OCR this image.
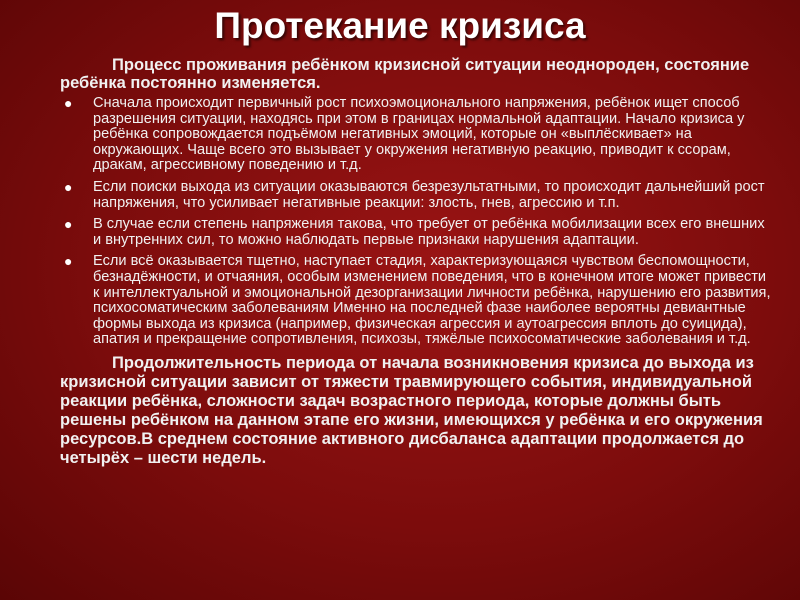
Протекание кризиса

Процесс проживания ребёнком кризисной ситуации неоднороден, состояние ребёнка постоянно изменяется.

● Сначала происходит первичный рост психоэмоционального напряжения, ребёнок ищет способ разрешения ситуации, находясь при этом в границах нормальной адаптации. Начало кризиса у ребёнка сопровождается подъёмом негативных эмоций, которые он «выплёскивает» на окружающих. Чаще всего это вызывает у окружения негативную реакцию, приводит к ссорам, дракам, агрессивному поведению и т.д.
● Если поиски выхода из ситуации оказываются безрезультатными, то происходит дальнейший рост напряжения, что усиливает негативные реакции: злость, гнев, агрессию и т.п.
● В случае если степень напряжения такова, что требует от ребёнка мобилизации всех его внешних и внутренних сил, то можно наблюдать первые признаки нарушения адаптации.
● Если всё оказывается тщетно, наступает стадия, характеризующаяся чувством беспомощности, безнадёжности, и отчаяния, особым изменением поведения, что в конечном итоге может привести к интеллектуальной и эмоциональной дезорганизации личности ребёнка, нарушению его развития, психосоматическим заболеваниям Именно на последней фазе наиболее вероятны девиантные формы выхода из кризиса (например, физическая агрессия и аутоагрессия вплоть до суицида), апатия и прекращение сопротивления, психозы, тяжёлые психосоматические заболевания и т.д.

Продолжительность периода от начала возникновения кризиса до выхода из кризисной ситуации зависит от тяжести травмирующего события, индивидуальной реакции ребёнка, сложности задач возрастного периода, которые должны быть решены ребёнком на данном этапе его жизни, имеющихся у ребёнка и его окружения ресурсов.В среднем состояние активного дисбаланса адаптации продолжается до четырёх – шести недель.
